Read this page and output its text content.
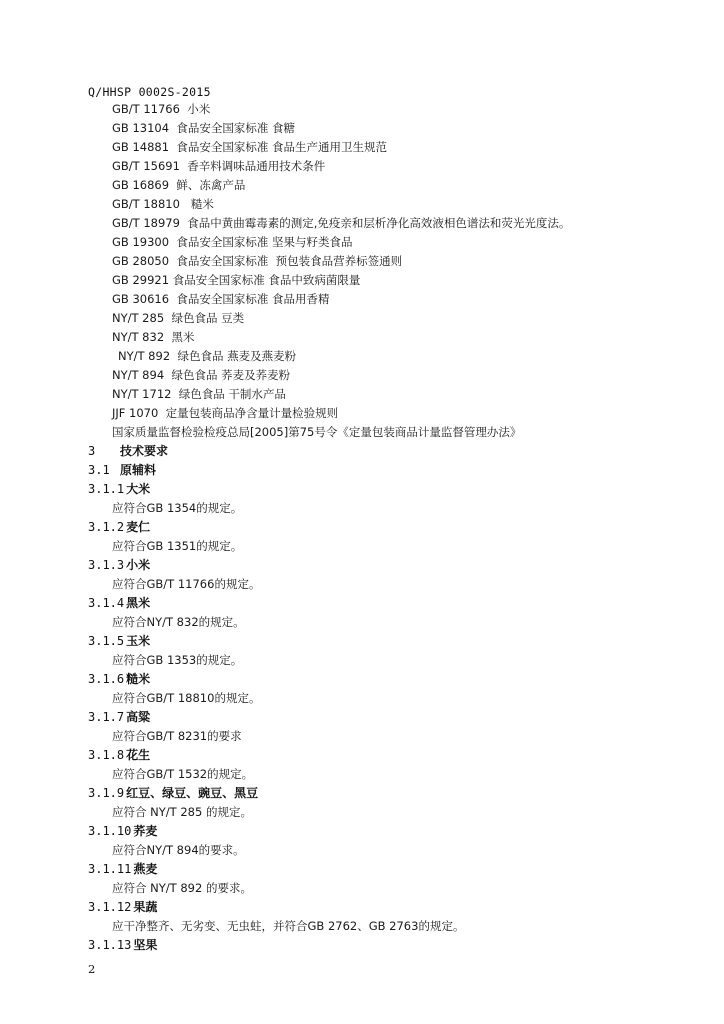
Q/HHSP 0002S-2015
GB/T 11766  小米
GB 13104  食品安全国家标准 食糖
GB 14881  食品安全国家标准 食品生产通用卫生规范
GB/T 15691  香辛料调味品通用技术条件
GB 16869  鲜、冻禽产品
GB/T 18810   糙米
GB/T 18979  食品中黄曲霉毒素的测定,免疫亲和层析净化高效液相色谱法和荧光光度法。
GB 19300  食品安全国家标准 坚果与籽类食品
GB 28050  食品安全国家标准  预包装食品营养标签通则
GB 29921 食品安全国家标准 食品中致病菌限量
GB 30616  食品安全国家标准 食品用香精
NY/T 285  绿色食品 豆类
NY/T 832  黑米
NY/T 892  绿色食品 燕麦及燕麦粉
NY/T 894  绿色食品 荞麦及荞麦粉
NY/T 1712  绿色食品 干制水产品
JJF 1070  定量包装商品净含量计量检验规则
国家质量监督检验检疫总局[2005]第75号令《定量包装商品计量监督管理办法》
3 技术要求
3.1 原辅料
3.1.1 大米
应符合GB 1354的规定。
3.1.2 麦仁
应符合GB 1351的规定。
3.1.3 小米
应符合GB/T 11766的规定。
3.1.4 黑米
应符合NY/T 832的规定。
3.1.5 玉米
应符合GB 1353的规定。
3.1.6 糙米
应符合GB/T 18810的规定。
3.1.7 高粱
应符合GB/T 8231的要求
3.1.8 花生
应符合GB/T 1532的规定。
3.1.9 红豆、绿豆、豌豆、黑豆
应符合 NY/T 285 的规定。
3.1.10 荞麦
应符合NY/T 894的要求。
3.1.11 燕麦
应符合 NY/T 892 的要求。
3.1.12 果蔬
应干净整齐、无劣变、无虫蛀，并符合GB 2762、GB 2763的规定。
3.1.13 坚果
2
